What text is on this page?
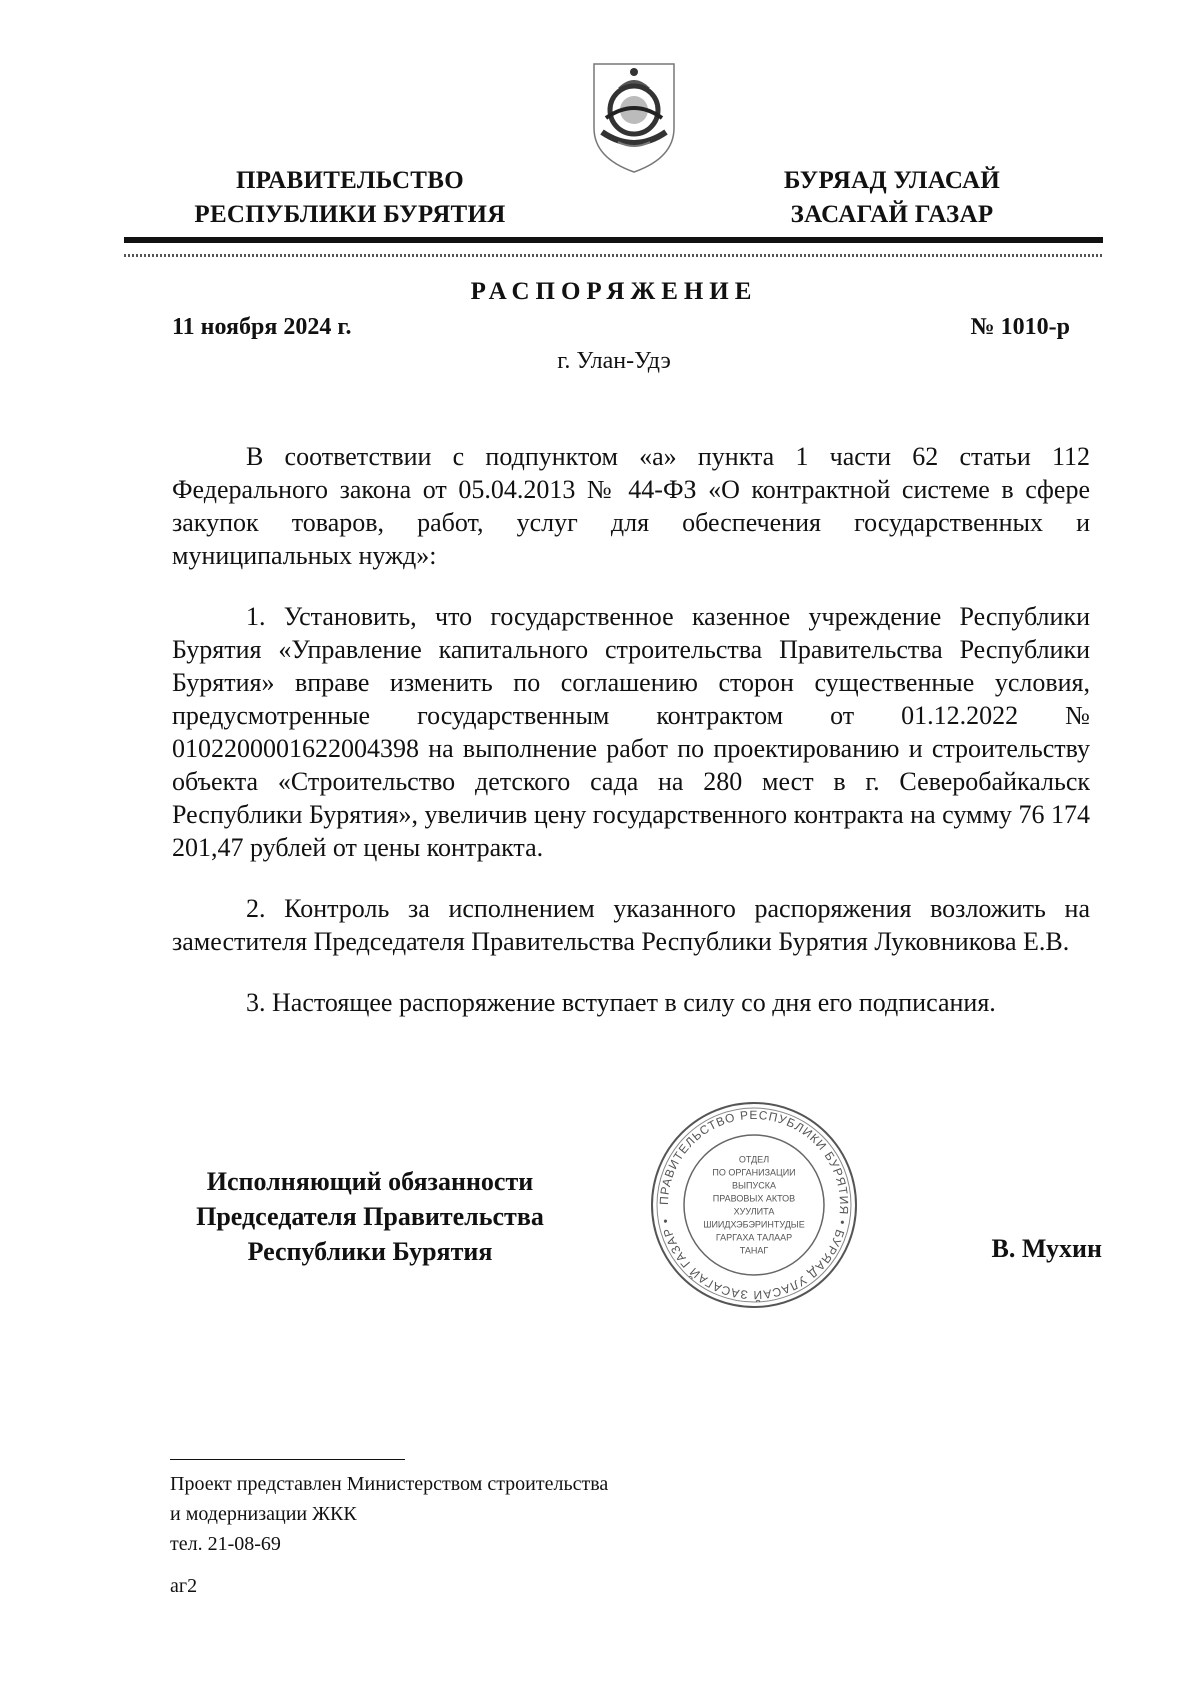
ПРАВИТЕЛЬСТВО
РЕСПУБЛИКИ БУРЯТИЯ
БУРЯАД УЛАСАЙ
ЗАСАГАЙ ГАЗАР
РАСПОРЯЖЕНИЕ
11 ноября 2024 г.	№ 1010-р
г. Улан-Удэ

В соответствии с подпунктом «а» пункта 1 части 62 статьи 112 Федерального закона от 05.04.2013 № 44-ФЗ «О контрактной системе в сфере закупок товаров, работ, услуг для обеспечения государственных и муниципальных нужд»:

1. Установить, что государственное казенное учреждение Республики Бурятия «Управление капитального строительства Правительства Республики Бурятия» вправе изменить по соглашению сторон существенные условия, предусмотренные государственным контрактом от 01.12.2022 № 0102200001622004398 на выполнение работ по проектированию и строительству объекта «Строительство детского сада на 280 мест в г. Северобайкальск Республики Бурятия», увеличив цену государственного контракта на сумму 76 174 201,47 рублей от цены контракта.

2. Контроль за исполнением указанного распоряжения возложить на заместителя Председателя Правительства Республики Бурятия Луковникова Е.В.

3. Настоящее распоряжение вступает в силу со дня его подписания.

Исполняющий обязанности
Председателя Правительства
Республики Бурятия
ПРАВИТЕЛЬСТВО РЕСПУБЛИКИ БУРЯТИЯ • БУРЯАД УЛАСАЙ ЗАСАГАЙ ГАЗАР •
ОТДЕЛ
ПО ОРГАНИЗАЦИИ
ВЫПУСКА
ПРАВОВЫХ АКТОВ
ХУУЛИТА
ШИИДХЭБЭРИНТУДЫЕ
ГАРГАХА ТАЛААР
ТАНАГ	В. Мухин
Проект представлен Министерством строительства
и модернизации ЖКК
тел. 21-08-69
аг2
